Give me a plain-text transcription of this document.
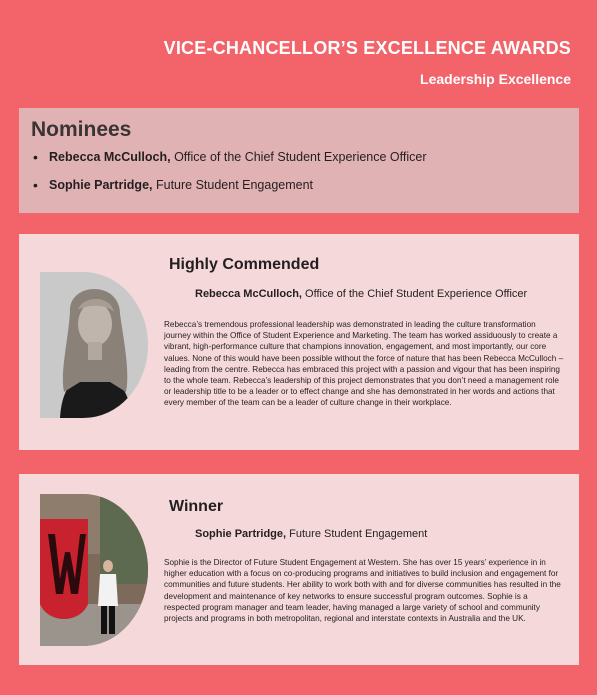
VICE-CHANCELLOR’S EXCELLENCE AWARDS
Leadership Excellence

Nominees

• Rebecca McCulloch, Office of the Chief Student Experience Officer
• Sophie Partridge, Future Student Engagement
Highly Commended
Rebecca McCulloch, Office of the Chief Student Experience Officer

Rebecca’s tremendous professional leadership was demonstrated in leading the culture transformation journey within the Office of Student Experience and Marketing. The team has worked assiduously to create a vibrant, high-performance culture that champions innovation, engagement, and most importantly, our core values. None of this would have been possible without the force of nature that has been Rebecca McCulloch – leading from the centre. Rebecca has embraced this project with a passion and vigour that has been inspiring to the whole team. Rebecca’s leadership of this project demonstrates that you don’t need a management role or leadership title to be a leader or to effect change and she has demonstrated in her words and actions that every member of the team can be a leader of culture change in their workplace.

Winner
Sophie Partridge, Future Student Engagement

Sophie is the Director of Future Student Engagement at Western. She has over 15 years’ experience in in higher education with a focus on co-producing programs and initiatives to build inclusion and engagement for communities and future students. Her ability to work both with and for diverse communities has resulted in the development and maintenance of key networks to ensure successful program outcomes. Sophie is a respected program manager and team leader, having managed a large variety of school and community projects and programs in both metropolitan, regional and interstate contexts in Australia and the UK.
